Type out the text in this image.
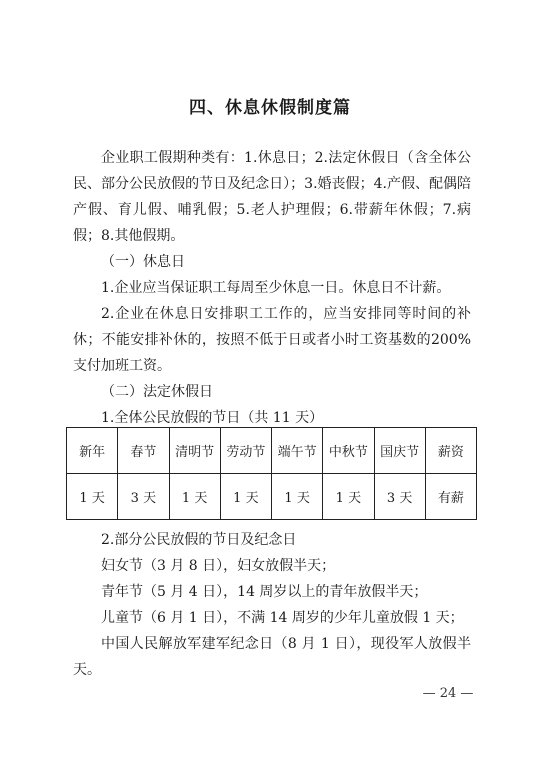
四、休息休假制度篇

企业职工假期种类有：1.休息日；2.法定休假日（含全体公民、部分公民放假的节日及纪念日）；3.婚丧假；4.产假、配偶陪产假、育儿假、哺乳假；5.老人护理假；6.带薪年休假；7.病假；8.其他假期。

（一）休息日

1.企业应当保证职工每周至少休息一日。休息日不计薪。

2.企业在休息日安排职工工作的，应当安排同等时间的补休；不能安排补休的，按照不低于日或者小时工资基数的200%支付加班工资。

（二）法定休假日

1.全体公民放假的节日（共 11 天）

新年	春节	清明节	劳动节	端午节	中秋节	国庆节	薪资
1 天	3 天	1 天	1 天	1 天	1 天	3 天	有薪

2.部分公民放假的节日及纪念日

妇女节（3 月 8 日），妇女放假半天；

青年节（5 月 4 日），14 周岁以上的青年放假半天；

儿童节（6 月 1 日），不满 14 周岁的少年儿童放假 1 天；

中国人民解放军建军纪念日（8 月 1 日），现役军人放假半天。

— 24 —
